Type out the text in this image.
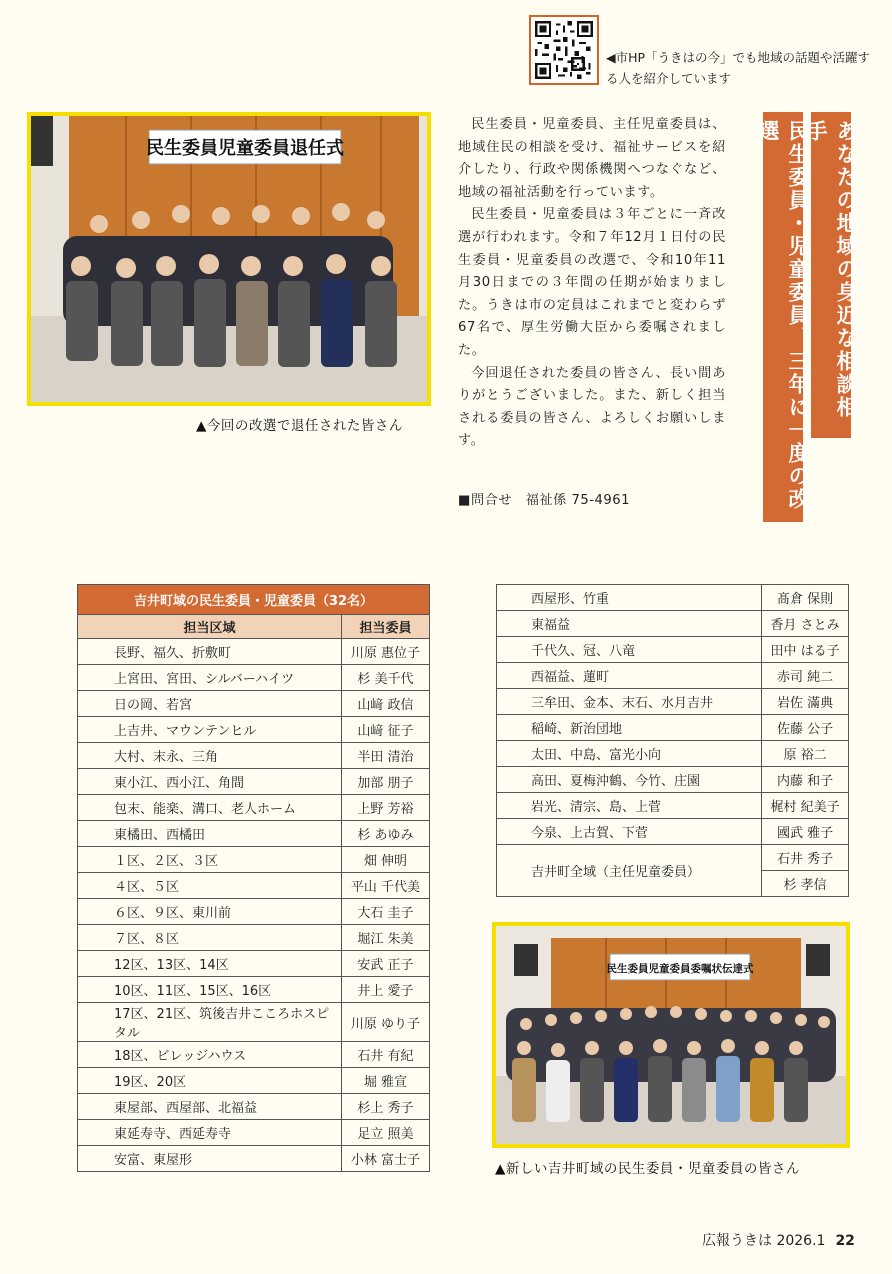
◀市HP「うきはの今」でも地域の話題や活躍する人を紹介しています
民生委員児童委員退任式
▲今回の改選で退任された皆さん

民生委員・児童委員、主任児童委員は、地域住民の相談を受け、福祉サービスを紹介したり、行政や関係機関へつなぐなど、地域の福祉活動を行っています。

民生委員・児童委員は３年ごとに一斉改選が行われます。令和７年12月１日付の民生委員・児童委員の改選で、令和10年11月30日までの３年間の任期が始まりました。うきは市の定員はこれまでと変わらず67名で、厚生労働大臣から委嘱されました。

今回退任された委員の皆さん、長い間ありがとうございました。また、新しく担当される委員の皆さん、よろしくお願いします。

■問合せ　福祉係 75-4961
あなたの地域の身近な相談相手
民生委員・児童委員、三年に一度の改選
吉井町域の民生委員・児童委員（32名）	
担当区域	担当委員
長野、福久、折敷町	川原 惠位子
上宮田、宮田、シルバーハイツ	杉 美千代
日の岡、若宮	山﨑 政信
上吉井、マウンテンヒル	山﨑 征子
大村、末永、三角	半田 清治
東小江、西小江、角間	加部 朋子
包末、能楽、溝口、老人ホーム	上野 芳裕
東橘田、西橘田	杉 あゆみ
１区、２区、３区	畑 伸明
４区、５区	平山 千代美
６区、９区、東川前	大石 圭子
７区、８区	堀江 朱美
12区、13区、14区	安武 正子
10区、11区、15区、16区	井上 愛子
17区、21区、筑後吉井こころホスピタル	川原 ゆり子
18区、ビレッジハウス	石井 有紀
19区、20区	堀 雅宣
東屋部、西屋部、北福益	杉上 秀子
東延寿寺、西延寿寺	足立 照美
安富、東屋形	小林 富士子
西屋形、竹重	髙倉 保則
東福益	香月 さとみ
千代久、冠、八竜	田中 はる子
西福益、蓮町	赤司 純二
三牟田、金本、末石、水月吉井	岩佐 滿典
稲崎、新治団地	佐藤 公子
太田、中島、富光小向	原 裕二
高田、夏梅沖鶴、今竹、庄園	内藤 和子
岩光、清宗、島、上菅	梶村 紀美子
今泉、上古賀、下菅	國武 雅子
吉井町全域（主任児童委員）	石井 秀子
	杉 孝信
民生委員児童委員委嘱状伝達式
▲新しい吉井町域の民生委員・児童委員の皆さん
広報うきは 2026.1 22
